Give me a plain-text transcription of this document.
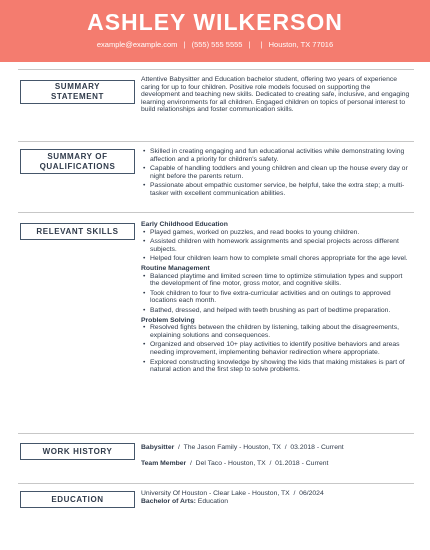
ASHLEY WILKERSON
example@example.com | (555) 555 5555 | | Houston, TX 77016
SUMMARY
STATEMENT
Attentive Babysitter and Education bachelor student, offering two years of experience caring for up to four children. Positive role models focused on supporting the development and teaching new skills. Dedicated to creating safe, inclusive, and engaging learning environments for all children. Engaged children on topics of personal interest to build relationships and foster communication skills.
SUMMARY OF
QUALIFICATIONS
• Skilled in creating engaging and fun educational activities while demonstrating loving affection and a priority for children's safety.
• Capable of handling toddlers and young children and clean up the house every day or night before the parents return.
• Passionate about empathic customer service, be helpful, take the extra step; a multi-tasker with excellent communication abilities.
RELEVANT SKILLS

Early Childhood Education

• Played games, worked on puzzles, and read books to young children.
• Assisted children with homework assignments and special projects across different subjects.
• Helped four children learn how to complete small chores appropriate for the age level.

Routine Management

• Balanced playtime and limited screen time to optimize stimulation types and support the development of fine motor, gross motor, and cognitive skills.
• Took children to four to five extra-curricular activities and on outings to approved locations each month.
• Bathed, dressed, and helped with teeth brushing as part of bedtime preparation.

Problem Solving

• Resolved fights between the children by listening, talking about the disagreements, explaining solutions and consequences.
• Organized and observed 10+ play activities to identify positive behaviors and areas needing improvement, implementing behavior redirection where appropriate.
• Explored constructing knowledge by showing the kids that making mistakes is part of natural action and the first step to solve problems.
WORK HISTORY	Babysitter  /  The Jason Family - Houston, TX  /  03.2018 - Current
Team Member  /  Del Taco - Houston, TX  /  01.2018 - Current
EDUCATION
University Of Houston - Clear Lake - Houston, TX  /  06/2024
Bachelor of Arts: Education
